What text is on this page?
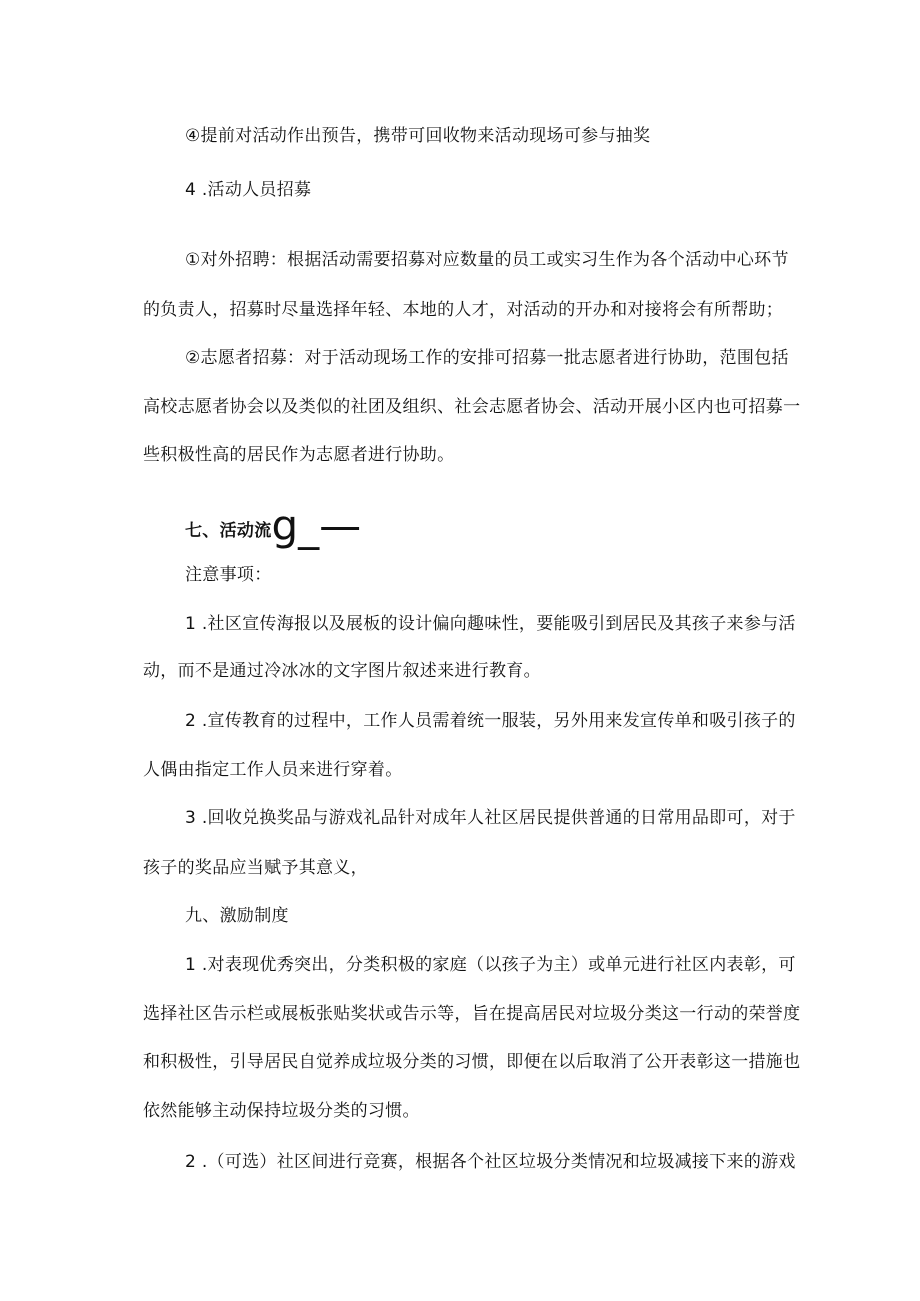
④提前对活动作出预告，携带可回收物来活动现场可参与抽奖
4 .活动人员招募
①对外招聘：根据活动需要招募对应数量的员工或实习生作为各个活动中心环节
的负责人，招募时尽量选择年轻、本地的人才，对活动的开办和对接将会有所帮助；
②志愿者招募：对于活动现场工作的安排可招募一批志愿者进行协助，范围包括
高校志愿者协会以及类似的社团及组织、社会志愿者协会、活动开展小区内也可招募一
些积极性高的居民作为志愿者进行协助。
七、活动流g_—
注意事项：
1 .社区宣传海报以及展板的设计偏向趣味性，要能吸引到居民及其孩子来参与活
动，而不是通过冷冰冰的文字图片叙述来进行教育。
2 .宣传教育的过程中，工作人员需着统一服装，另外用来发宣传单和吸引孩子的
人偶由指定工作人员来进行穿着。
3 .回收兑换奖品与游戏礼品针对成年人社区居民提供普通的日常用品即可，对于
孩子的奖品应当赋予其意义，
九、激励制度
1 .对表现优秀突出，分类积极的家庭（以孩子为主）或单元进行社区内表彰，可
选择社区告示栏或展板张贴奖状或告示等，旨在提高居民对垃圾分类这一行动的荣誉度
和积极性，引导居民自觉养成垃圾分类的习惯，即便在以后取消了公开表彰这一措施也
依然能够主动保持垃圾分类的习惯。
2 .（可选）社区间进行竞赛，根据各个社区垃圾分类情况和垃圾减接下来的游戏
